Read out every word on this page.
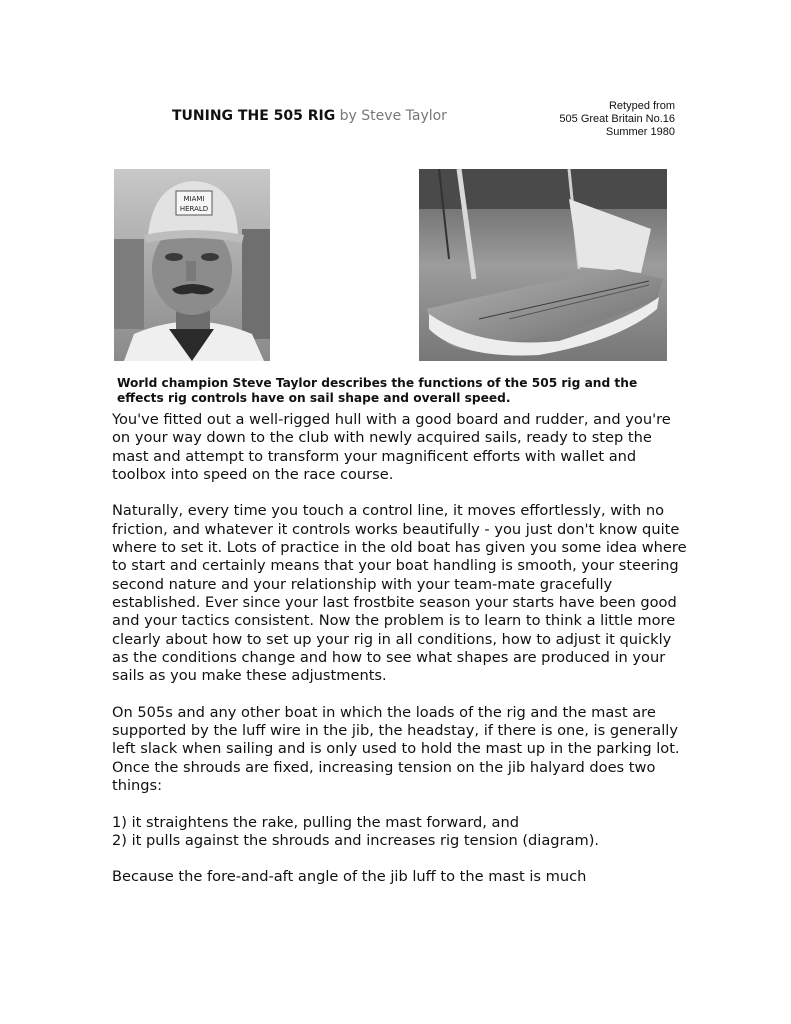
TUNING THE 505 RIG by Steve Taylor
Retyped from
505 Great Britain No.16
Summer 1980
MIAMI
HERALD
World champion Steve Taylor describes the functions of the 505 rig and the effects rig controls have on sail shape and overall speed.

You've fitted out a well-rigged hull with a good board and rudder, and you're on your way down to the club with newly acquired sails, ready to step the mast and attempt to transform your magnificent efforts with wallet and toolbox into speed on the race course.

Naturally, every time you touch a control line, it moves effortlessly, with no friction, and whatever it controls works beautifully - you just don't know quite where to set it. Lots of practice in the old boat has given you some idea where to start and certainly means that your boat handling is smooth, your steering second nature and your relationship with your team-mate gracefully established. Ever since your last frostbite season your starts have been good and your tactics consistent. Now the problem is to learn to think a little more clearly about how to set up your rig in all conditions, how to adjust it quickly as the conditions change and how to see what shapes are produced in your sails as you make these adjustments.

On 505s and any other boat in which the loads of the rig and the mast are supported by the luff wire in the jib, the headstay, if there is one, is generally left slack when sailing and is only used to hold the mast up in the parking lot. Once the shrouds are fixed, increasing tension on the jib halyard does two things:

1) it straightens the rake, pulling the mast forward, and
2) it pulls against the shrouds and increases rig tension (diagram).

Because the fore-and-aft angle of the jib luff to the mast is much
